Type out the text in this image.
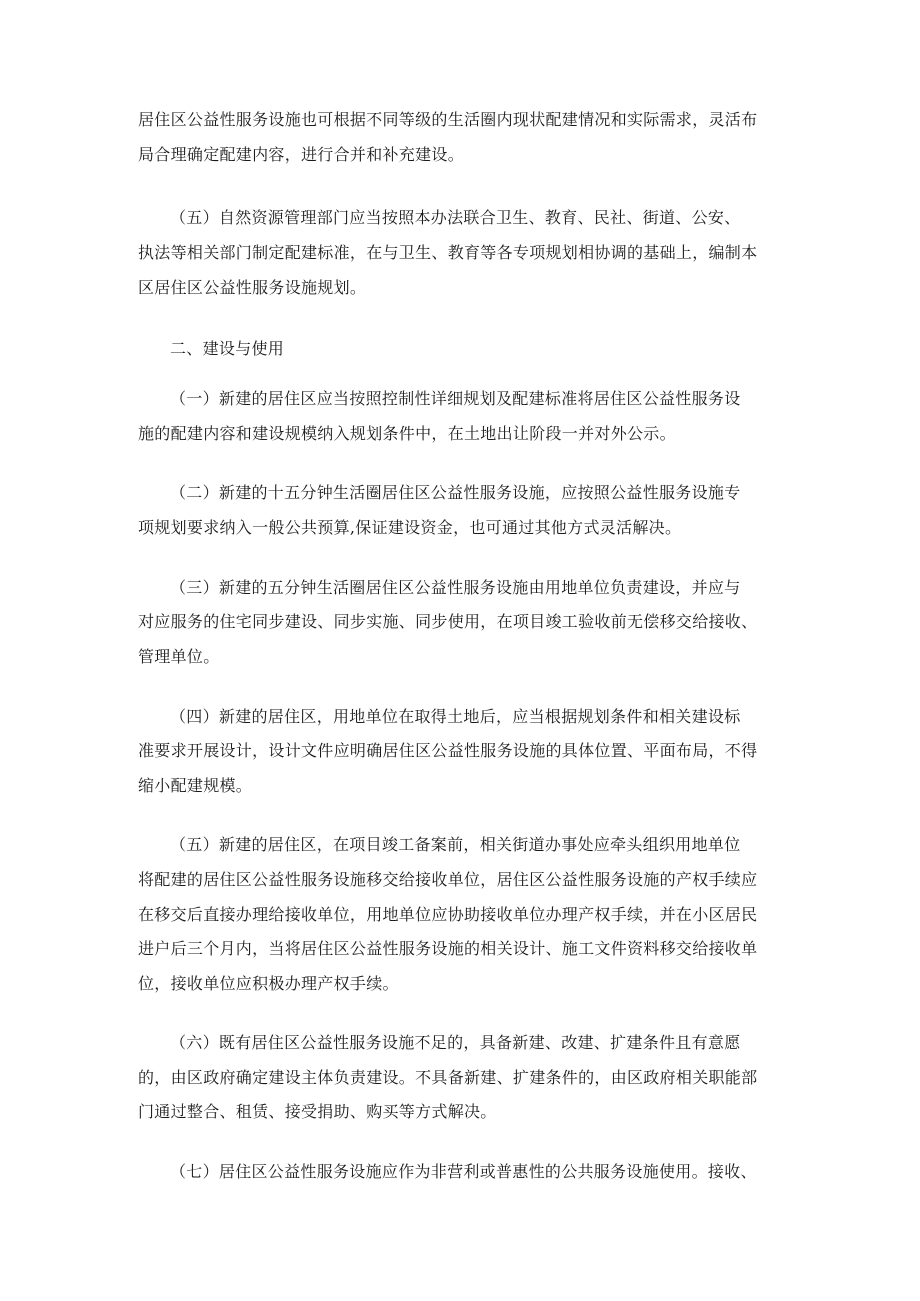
居住区公益性服务设施也可根据不同等级的生活圈内现状配建情况和实际需求，灵活布
局合理确定配建内容，进行合并和补充建设。
（五）自然资源管理部门应当按照本办法联合卫生、教育、民社、街道、公安、
执法等相关部门制定配建标准，在与卫生、教育等各专项规划相协调的基础上，编制本
区居住区公益性服务设施规划。
二、建设与使用
（一）新建的居住区应当按照控制性详细规划及配建标准将居住区公益性服务设
施的配建内容和建设规模纳入规划条件中，在土地出让阶段一并对外公示。
（二）新建的十五分钟生活圈居住区公益性服务设施，应按照公益性服务设施专
项规划要求纳入一般公共预算,保证建设资金，也可通过其他方式灵活解决。
（三）新建的五分钟生活圈居住区公益性服务设施由用地单位负责建设，并应与
对应服务的住宅同步建设、同步实施、同步使用，在项目竣工验收前无偿移交给接收、
管理单位。
（四）新建的居住区，用地单位在取得土地后，应当根据规划条件和相关建设标
准要求开展设计，设计文件应明确居住区公益性服务设施的具体位置、平面布局，不得
缩小配建规模。
（五）新建的居住区，在项目竣工备案前，相关街道办事处应牵头组织用地单位
将配建的居住区公益性服务设施移交给接收单位，居住区公益性服务设施的产权手续应
在移交后直接办理给接收单位，用地单位应协助接收单位办理产权手续，并在小区居民
进户后三个月内，当将居住区公益性服务设施的相关设计、施工文件资料移交给接收单
位，接收单位应积极办理产权手续。
（六）既有居住区公益性服务设施不足的，具备新建、改建、扩建条件且有意愿
的，由区政府确定建设主体负责建设。不具备新建、扩建条件的，由区政府相关职能部
门通过整合、租赁、接受捐助、购买等方式解决。
（七）居住区公益性服务设施应作为非营利或普惠性的公共服务设施使用。接收、
